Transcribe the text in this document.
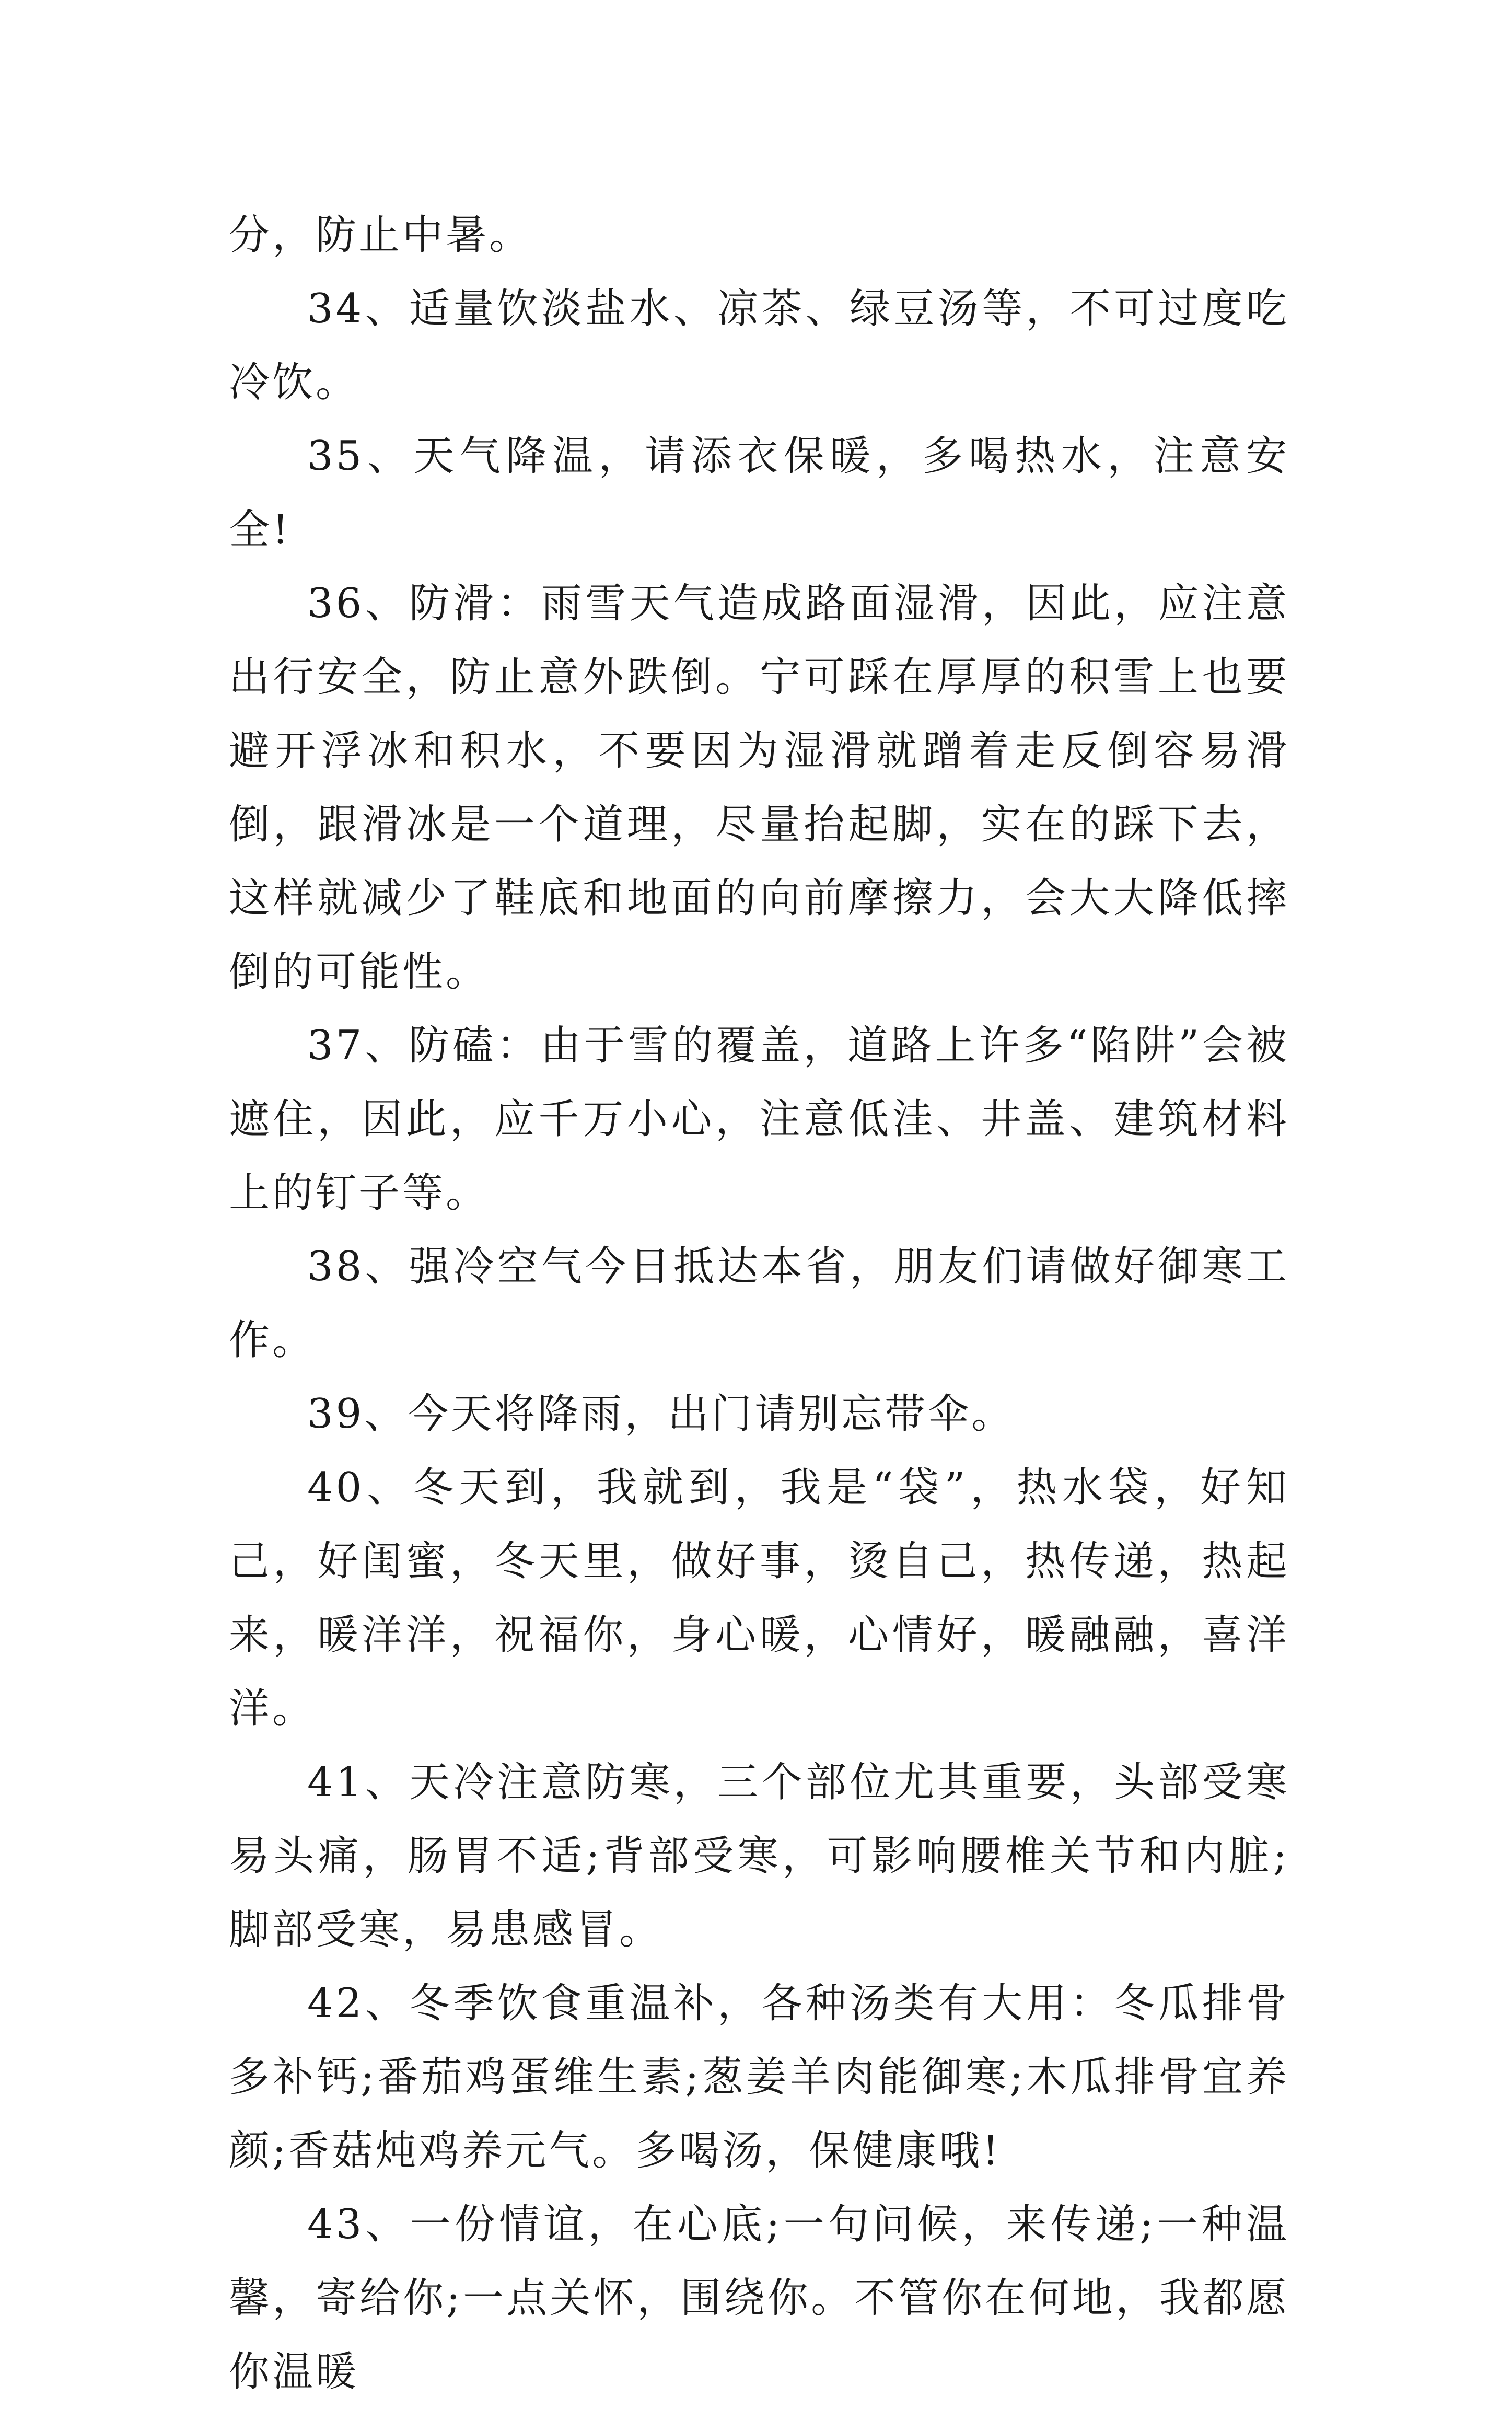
分，防止中暑。

34、适量饮淡盐水、凉茶、绿豆汤等，不可过度吃冷饮。

35、天气降温，请添衣保暖，多喝热水，注意安全!

36、防滑：雨雪天气造成路面湿滑，因此，应注意出行安全，防止意外跌倒。宁可踩在厚厚的积雪上也要避开浮冰和积水，不要因为湿滑就蹭着走反倒容易滑倒，跟滑冰是一个道理，尽量抬起脚，实在的踩下去，这样就减少了鞋底和地面的向前摩擦力，会大大降低摔倒的可能性。

37、防磕：由于雪的覆盖，道路上许多“陷阱”会被遮住，因此，应千万小心，注意低洼、井盖、建筑材料上的钉子等。

38、强冷空气今日抵达本省，朋友们请做好御寒工作。

39、今天将降雨，出门请别忘带伞。

40、冬天到，我就到，我是“袋”，热水袋，好知己，好闺蜜，冬天里，做好事，烫自己，热传递，热起来，暖洋洋，祝福你，身心暖，心情好，暖融融，喜洋洋。

41、天冷注意防寒，三个部位尤其重要，头部受寒易头痛，肠胃不适;背部受寒，可影响腰椎关节和内脏;脚部受寒，易患感冒。

42、冬季饮食重温补，各种汤类有大用：冬瓜排骨多补钙;番茄鸡蛋维生素;葱姜羊肉能御寒;木瓜排骨宜养颜;香菇炖鸡养元气。多喝汤，保健康哦!

43、一份情谊，在心底;一句问候，来传递;一种温馨，寄给你;一点关怀，围绕你。不管你在何地，我都愿你温暖
